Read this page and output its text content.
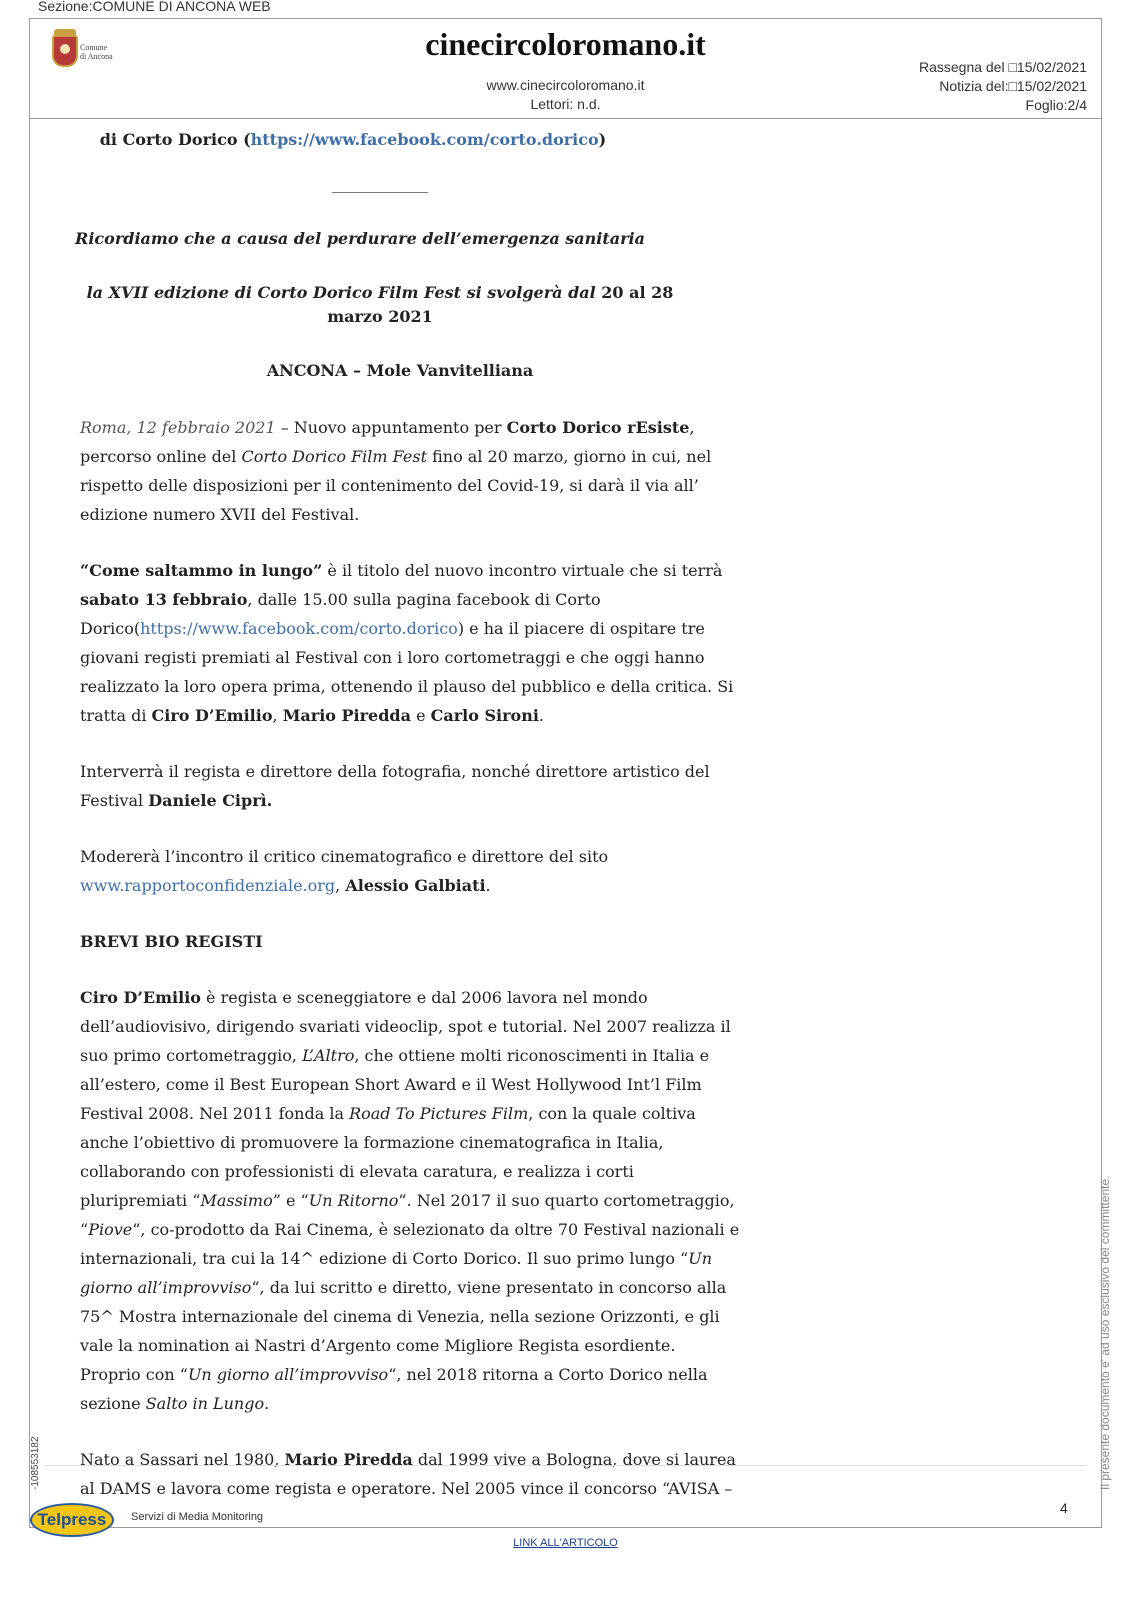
Sezione:COMUNE DI ANCONA WEB
Comune
di Ancona	cinecircoloromano.it
www.cinecircoloromano.it
Lettori: n.d.
Rassegna del □15/02/2021
Notizia del:□15/02/2021
Foglio:2/4

di Corto Dorico (https://www.facebook.com/corto.dorico)

____________

Ricordiamo che a causa del perdurare dell’emergenza sanitaria

la XVII edizione di Corto Dorico Film Fest si svolgerà dal 20 al 28 marzo 2021

ANCONA – Mole Vanvitelliana

Roma, 12 febbraio 2021 – Nuovo appuntamento per Corto Dorico rEsiste, percorso online del Corto Dorico Film Fest fino al 20 marzo, giorno in cui, nel rispetto delle disposizioni per il contenimento del Covid-19, si darà il via all’ edizione numero XVII del Festival.

“Come saltammo in lungo” è il titolo del nuovo incontro virtuale che si terrà sabato 13 febbraio, dalle 15.00 sulla pagina facebook di Corto Dorico(https://www.facebook.com/corto.dorico) e ha il piacere di ospitare tre giovani registi premiati al Festival con i loro cortometraggi e che oggi hanno realizzato la loro opera prima, ottenendo il plauso del pubblico e della critica. Si tratta di Ciro D’Emilio, Mario Piredda e Carlo Sironi.

Interverrà il regista e direttore della fotografia, nonché direttore artistico del Festival Daniele Ciprì.

Modererà l’incontro il critico cinematografico e direttore del sito www.rapportoconfidenziale.org, Alessio Galbiati.

BREVI BIO REGISTI

Ciro D’Emilio è regista e sceneggiatore e dal 2006 lavora nel mondo dell’audiovisivo, dirigendo svariati videoclip, spot e tutorial. Nel 2007 realizza il suo primo cortometraggio, L’Altro, che ottiene molti riconoscimenti in Italia e all’estero, come il Best European Short Award e il West Hollywood Int’l Film Festival 2008. Nel 2011 fonda la Road To Pictures Film, con la quale coltiva anche l’obiettivo di promuovere la formazione cinematografica in Italia, collaborando con professionisti di elevata caratura, e realizza i corti pluripremiati “Massimo” e “Un Ritorno“. Nel 2017 il suo quarto cortometraggio, “Piove“, co-prodotto da Rai Cinema, è selezionato da oltre 70 Festival nazionali e internazionali, tra cui la 14^ edizione di Corto Dorico. Il suo primo lungo “Un giorno all’improvviso“, da lui scritto e diretto, viene presentato in concorso alla 75^ Mostra internazionale del cinema di Venezia, nella sezione Orizzonti, e gli vale la nomination ai Nastri d’Argento come Migliore Regista esordiente. Proprio con “Un giorno all’improvviso“, nel 2018 ritorna a Corto Dorico nella sezione Salto in Lungo.

Nato a Sassari nel 1980, Mario Piredda dal 1999 vive a Bologna, dove si laurea al DAMS e lavora come regista e operatore. Nel 2005 vince il concorso “AVISA –	Il presente documento e' ad uso esclusivo del committente.
-108553182
4
Telpress	Servizi di Media Monitoring
LINK ALL'ARTICOLO
